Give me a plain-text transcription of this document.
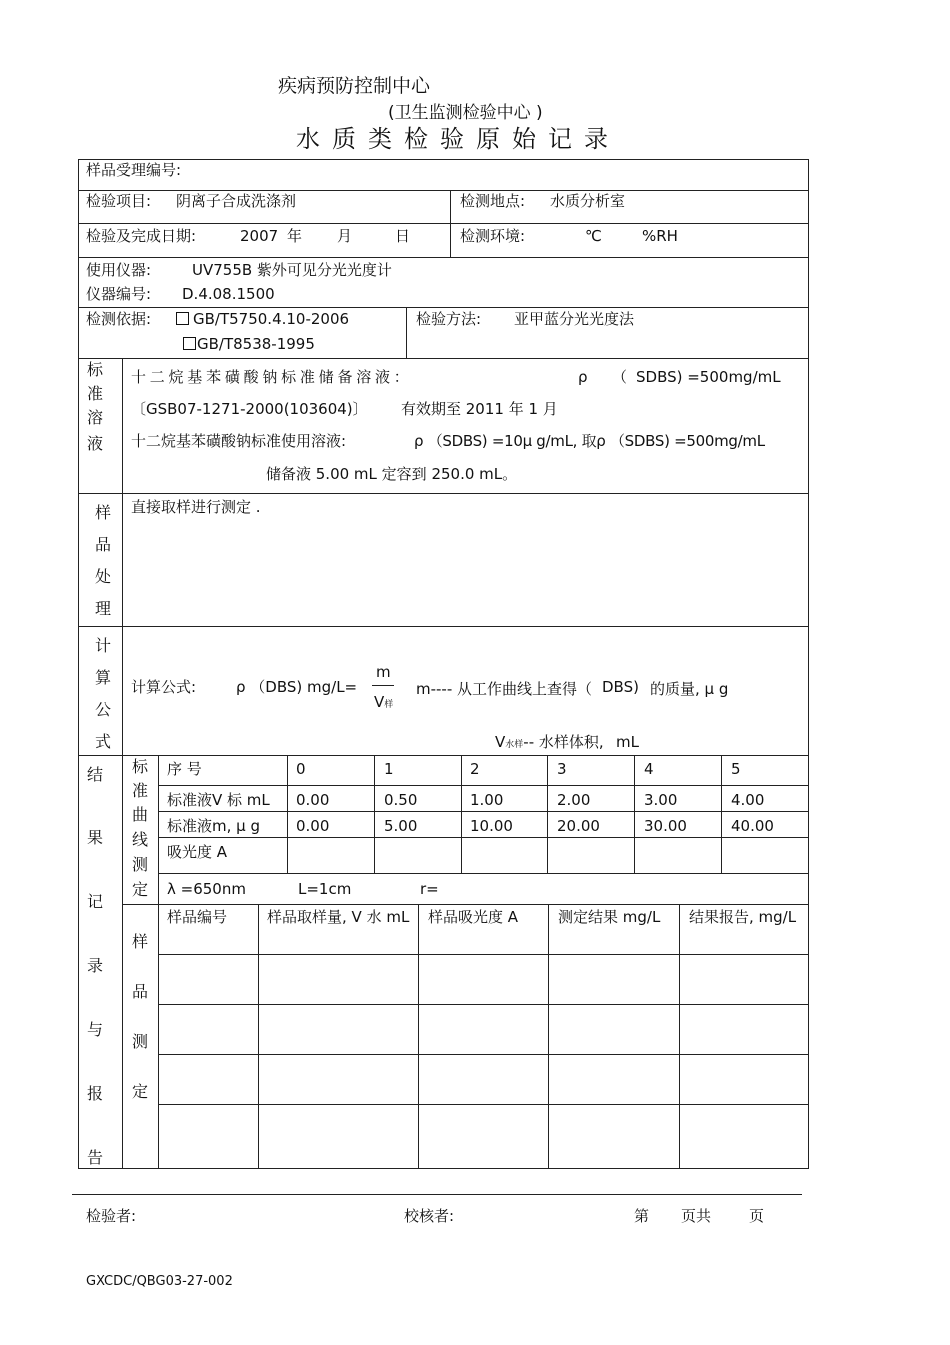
疾病预防控制中心
(卫生监测检验中心 )
水质类检验原始记录
样品受理编号:
检验项目: 阴离子合成洗涤剂	检测地点: 水质分析室
检验及完成日期:	2007 年 月	日	检测环境:	℃	%RH
使用仪器:	UV755B 紫外可见分光光度计
仪器编号: D.4.08.1500
检测依据:	GB/T5750.4.10-2006
GB/T8538-1995
检验方法: 亚甲蓝分光光度法
标
准
溶
液
十 二 烷 基 苯 磺 酸 钠 标 准 储 备 溶 液 ：	ρ （ SDBS) =500mg/mL
〔GSB07-1271-2000(103604)〕 有效期至 2011 年 1 月
十二烷基苯磺酸钠标准使用溶液:	ρ （SDBS) =10μ g/mL, 取ρ （SDBS) =500mg/mL
储备液 5.00 mL 定容到 250.0 mL。
样
品
处
理
直接取样进行测定 .
计
算
公
式
计算公式:	ρ （DBS) mg/L=
m
V样
m---- 从工作曲线上查得（ DBS) 的质量, μ g
V水样-- 水样体积, mL
结
果
记
录
与
报
告
标
准
曲
线
测
定
序 号	0	1	2	3	4	5
标准液V 标 mL 0.00	0.50	1.00	2.00	3.00	4.00
标准液m, μ g 0.00	5.00	10.00	20.00	30.00	40.00
吸光度 A
λ =650nm	L=1cm	r=
样
品
测
定
样品编号	样品取样量, V 水 mL 样品吸光度 A	测定结果 mg/L	结果报告, mg/L
检验者:	校核者:	第 页共	页
GXCDC/QBG03-27-002
